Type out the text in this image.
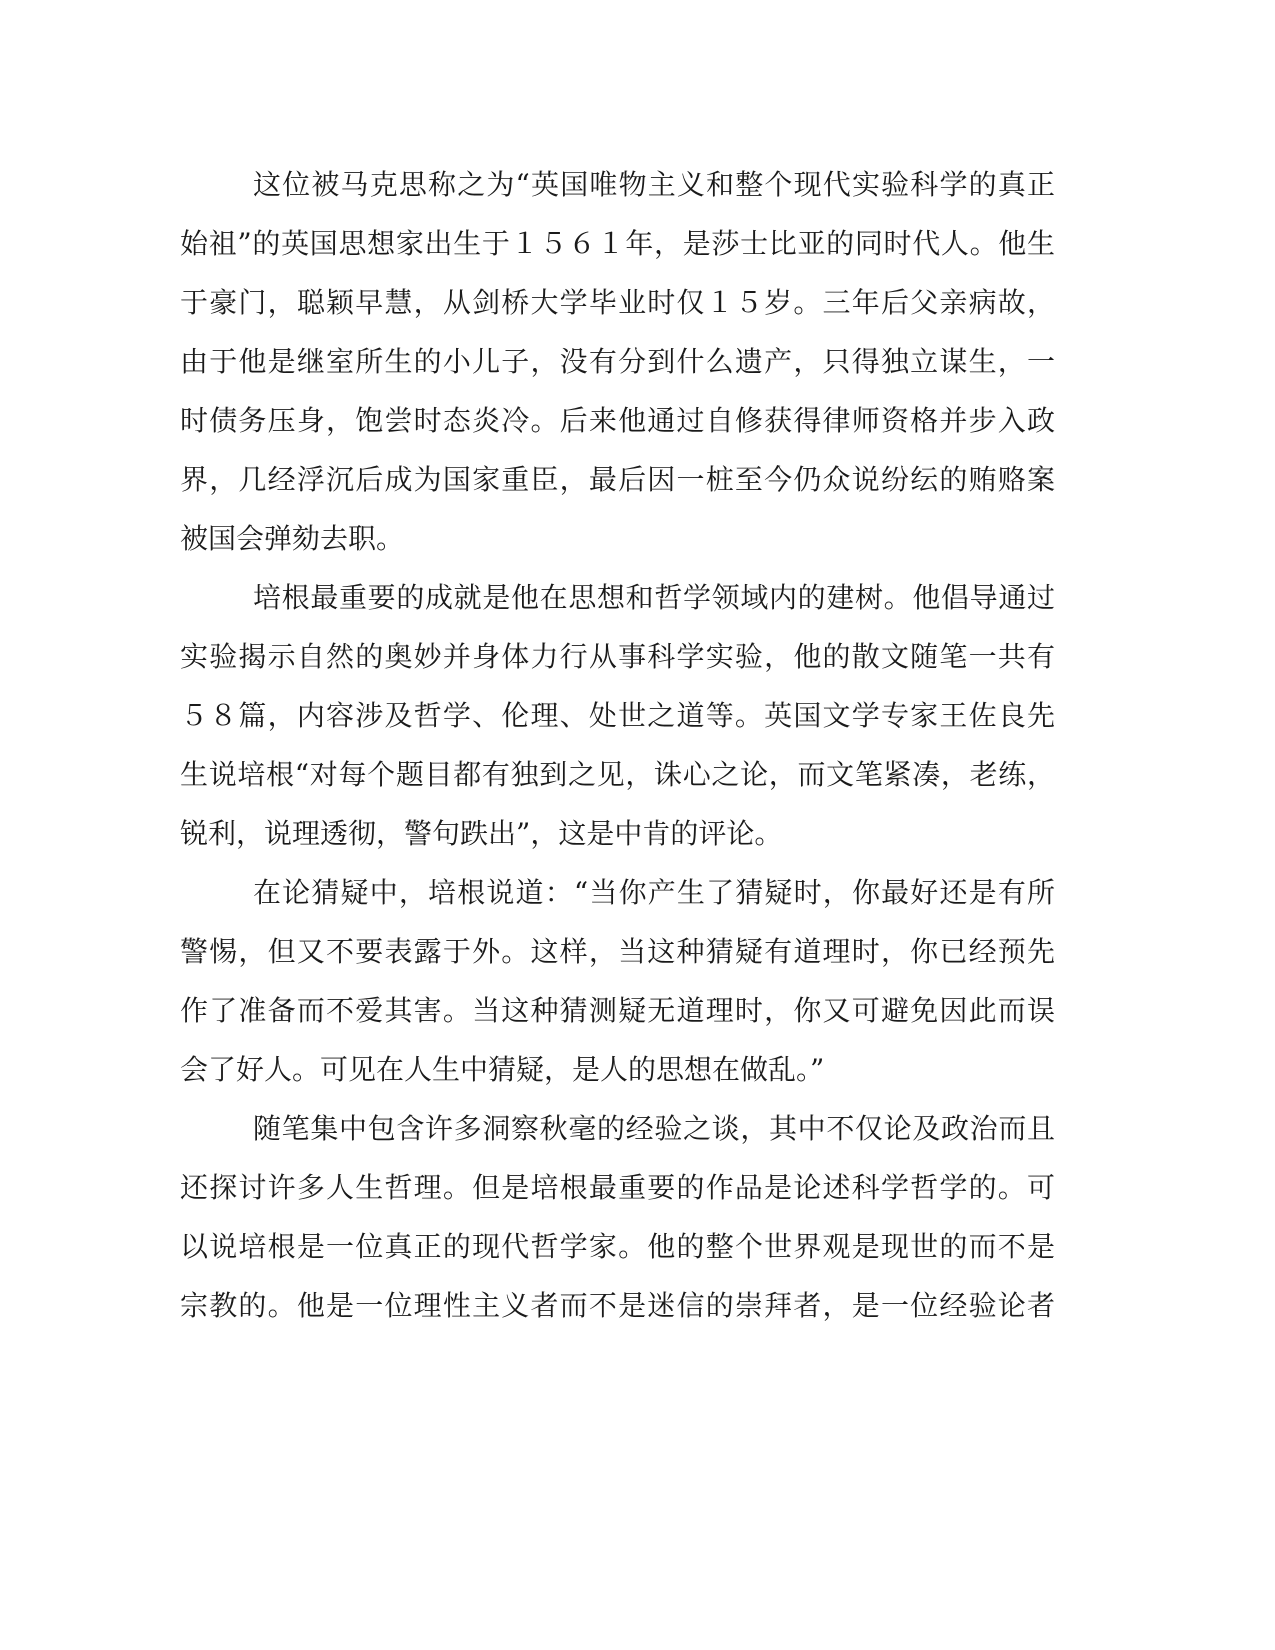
这位被马克思称之为“英国唯物主义和整个现代实验科学的真正
始祖”的英国思想家出生于１５６１年，是莎士比亚的同时代人。他生
于豪门，聪颖早慧，从剑桥大学毕业时仅１５岁。三年后父亲病故，
由于他是继室所生的小儿子，没有分到什么遗产，只得独立谋生，一
时债务压身，饱尝时态炎冷。后来他通过自修获得律师资格并步入政
界，几经浮沉后成为国家重臣，最后因一桩至今仍众说纷纭的贿赂案
被国会弹劾去职。
培根最重要的成就是他在思想和哲学领域内的建树。他倡导通过
实验揭示自然的奥妙并身体力行从事科学实验，他的散文随笔一共有
５８篇，内容涉及哲学、伦理、处世之道等。英国文学专家王佐良先
生说培根“对每个题目都有独到之见，诛心之论，而文笔紧凑，老练，
锐利，说理透彻，警句跌出”，这是中肯的评论。
在论猜疑中，培根说道：“当你产生了猜疑时，你最好还是有所
警惕，但又不要表露于外。这样，当这种猜疑有道理时，你已经预先
作了准备而不爱其害。当这种猜测疑无道理时，你又可避免因此而误
会了好人。可见在人生中猜疑，是人的思想在做乱。”
随笔集中包含许多洞察秋毫的经验之谈，其中不仅论及政治而且
还探讨许多人生哲理。但是培根最重要的作品是论述科学哲学的。可
以说培根是一位真正的现代哲学家。他的整个世界观是现世的而不是
宗教的。他是一位理性主义者而不是迷信的崇拜者，是一位经验论者
